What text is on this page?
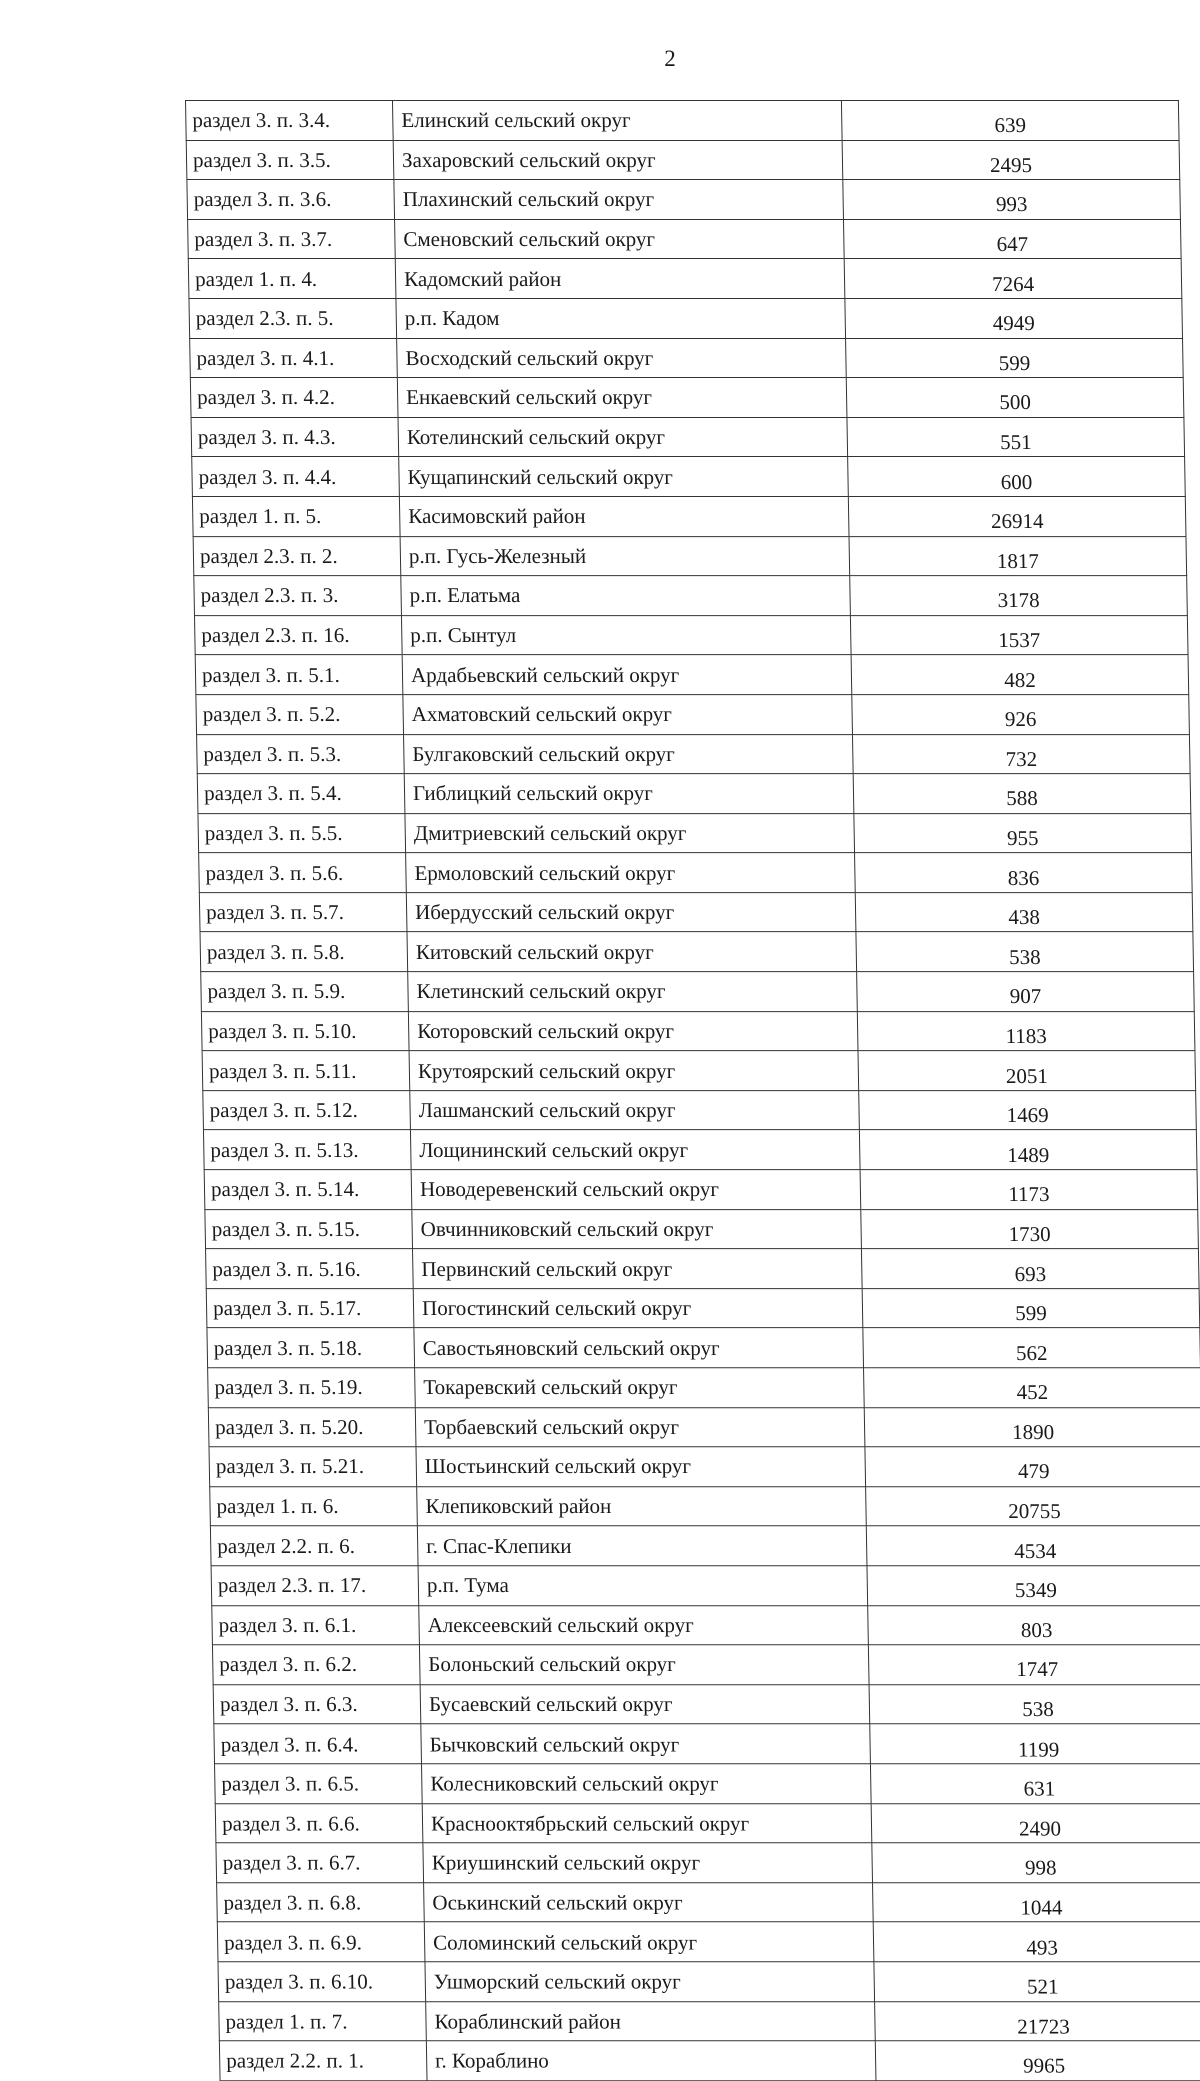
2
раздел 3. п. 3.4.	Елинский сельский округ	639
раздел 3. п. 3.5.	Захаровский сельский округ	2495
раздел 3. п. 3.6.	Плахинский сельский округ	993
раздел 3. п. 3.7.	Сменовский сельский округ	647
раздел 1. п. 4.	Кадомский район	7264
раздел 2.3. п. 5.	р.п. Кадом	4949
раздел 3. п. 4.1.	Восходский сельский округ	599
раздел 3. п. 4.2.	Енкаевский сельский округ	500
раздел 3. п. 4.3.	Котелинский сельский округ	551
раздел 3. п. 4.4.	Кущапинский сельский округ	600
раздел 1. п. 5.	Касимовский район	26914
раздел 2.3. п. 2.	р.п. Гусь-Железный	1817
раздел 2.3. п. 3.	р.п. Елатьма	3178
раздел 2.3. п. 16.	р.п. Сынтул	1537
раздел 3. п. 5.1.	Ардабьевский сельский округ	482
раздел 3. п. 5.2.	Ахматовский сельский округ	926
раздел 3. п. 5.3.	Булгаковский сельский округ	732
раздел 3. п. 5.4.	Гиблицкий сельский округ	588
раздел 3. п. 5.5.	Дмитриевский сельский округ	955
раздел 3. п. 5.6.	Ермоловский сельский округ	836
раздел 3. п. 5.7.	Ибердусский сельский округ	438
раздел 3. п. 5.8.	Китовский сельский округ	538
раздел 3. п. 5.9.	Клетинский сельский округ	907
раздел 3. п. 5.10.	Которовский сельский округ	1183
раздел 3. п. 5.11.	Крутоярский сельский округ	2051
раздел 3. п. 5.12.	Лашманский сельский округ	1469
раздел 3. п. 5.13.	Лощининский сельский округ	1489
раздел 3. п. 5.14.	Новодеревенский сельский округ	1173
раздел 3. п. 5.15.	Овчинниковский сельский округ	1730
раздел 3. п. 5.16.	Первинский сельский округ	693
раздел 3. п. 5.17.	Погостинский сельский округ	599
раздел 3. п. 5.18.	Савостьяновский сельский округ	562
раздел 3. п. 5.19.	Токаревский сельский округ	452
раздел 3. п. 5.20.	Торбаевский сельский округ	1890
раздел 3. п. 5.21.	Шостьинский сельский округ	479
раздел 1. п. 6.	Клепиковский район	20755
раздел 2.2. п. 6.	г. Спас-Клепики	4534
раздел 2.3. п. 17.	р.п. Тума	5349
раздел 3. п. 6.1.	Алексеевский сельский округ	803
раздел 3. п. 6.2.	Болоньский сельский округ	1747
раздел 3. п. 6.3.	Бусаевский сельский округ	538
раздел 3. п. 6.4.	Бычковский сельский округ	1199
раздел 3. п. 6.5.	Колесниковский сельский округ	631
раздел 3. п. 6.6.	Краснооктябрьский сельский округ	2490
раздел 3. п. 6.7.	Криушинский сельский округ	998
раздел 3. п. 6.8.	Оськинский сельский округ	1044
раздел 3. п. 6.9.	Соломинский сельский округ	493
раздел 3. п. 6.10.	Ушморский сельский округ	521
раздел 1. п. 7.	Кораблинский район	21723
раздел 2.2. п. 1.	г. Кораблино	9965
